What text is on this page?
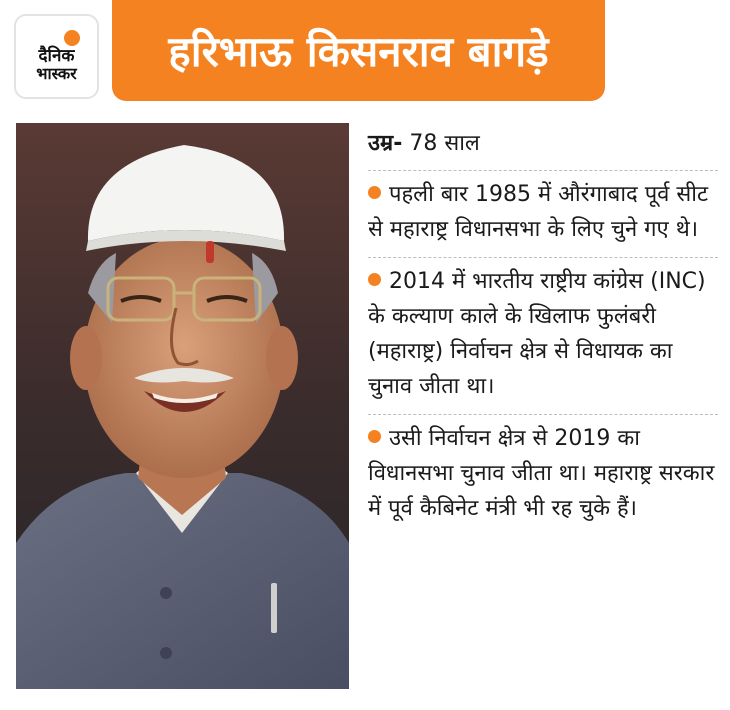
दैनिक
भास्कर हरिभाऊ किसनराव बागड़े
उम्र- 78 साल
पहली बार 1985 में औरंगाबाद पूर्व सीट से महाराष्ट्र विधानसभा के लिए चुने गए थे।
2014 में भारतीय राष्ट्रीय कांग्रेस (INC) के कल्याण काले के खिलाफ फुलंबरी (महाराष्ट्र) निर्वाचन क्षेत्र से विधायक का चुनाव जीता था।
उसी निर्वाचन क्षेत्र से 2019 का विधानसभा चुनाव जीता था। महाराष्ट्र सरकार में पूर्व कैबिनेट मंत्री भी रह चुके हैं।
